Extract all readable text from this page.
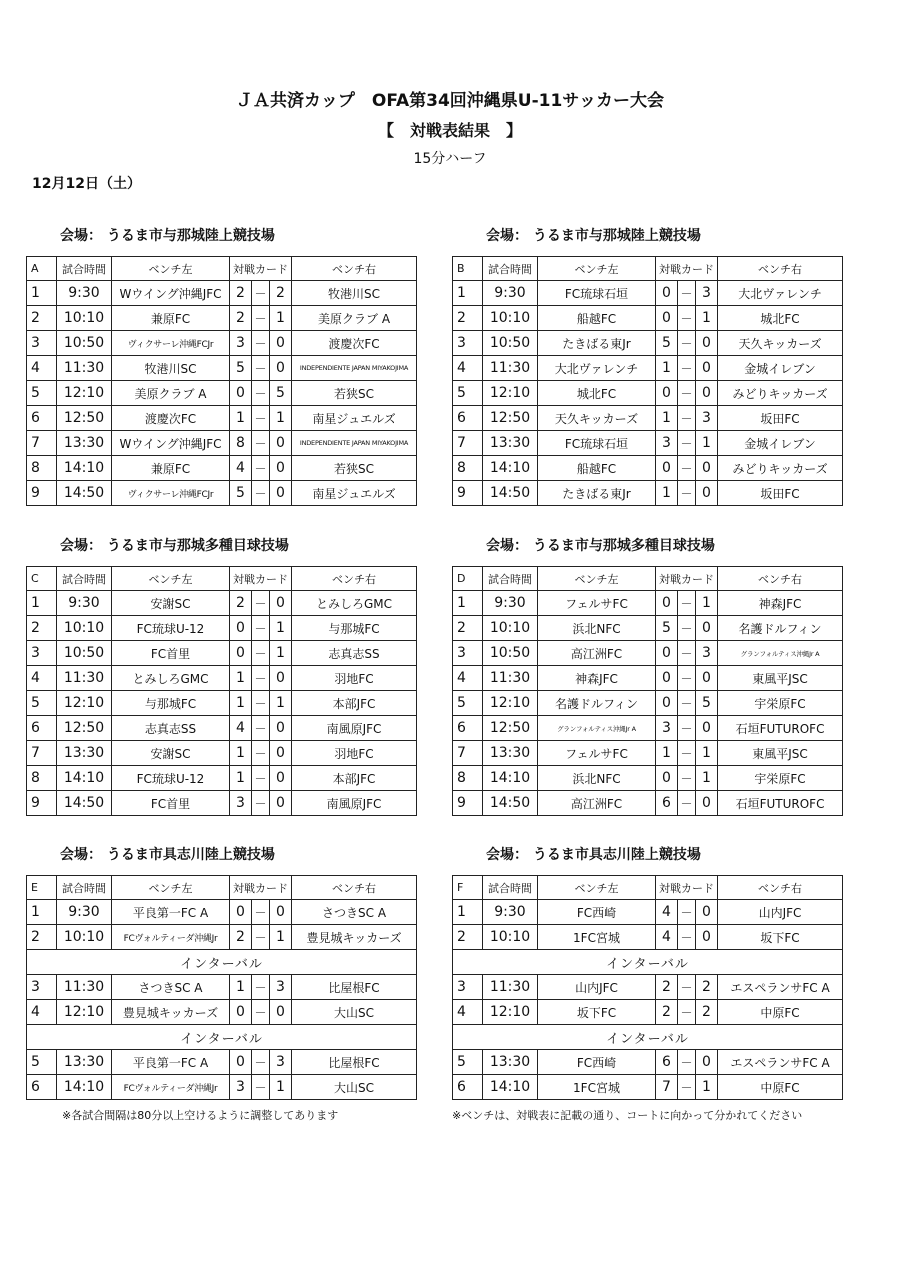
ＪＡ共済カップ　OFA第34回沖縄県U-11サッカー大会
【　対戦表結果　】
15分ハーフ
12月12日（土）
会場： うるま市与那城陸上競技場
A	試合時間	ベンチ左	対戦カード			ベンチ右
1	9:30	Wウイング沖縄JFC	2	－	2	牧港川SC
2	10:10	兼原FC	2	－	1	美原クラブ A
3	10:50	ヴィクサーレ沖縄FCJr	3	－	0	渡慶次FC
4	11:30	牧港川SC	5	－	0	INDEPENDIENTE JAPAN MIYAKOJIMA
5	12:10	美原クラブ A	0	－	5	若狭SC
6	12:50	渡慶次FC	1	－	1	南星ジュエルズ
7	13:30	Wウイング沖縄JFC	8	－	0	INDEPENDIENTE JAPAN MIYAKOJIMA
8	14:10	兼原FC	4	－	0	若狭SC
9	14:50	ヴィクサーレ沖縄FCJr	5	－	0	南星ジュエルズ
会場： うるま市与那城陸上競技場
B	試合時間	ベンチ左	対戦カード			ベンチ右
1	9:30	FC琉球石垣	0	－	3	大北ヴァレンチ
2	10:10	船越FC	0	－	1	城北FC
3	10:50	たきばる東Jr	5	－	0	天久キッカーズ
4	11:30	大北ヴァレンチ	1	－	0	金城イレブン
5	12:10	城北FC	0	－	0	みどりキッカーズ
6	12:50	天久キッカーズ	1	－	3	坂田FC
7	13:30	FC琉球石垣	3	－	1	金城イレブン
8	14:10	船越FC	0	－	0	みどりキッカーズ
9	14:50	たきばる東Jr	1	－	0	坂田FC
会場： うるま市与那城多種目球技場
C	試合時間	ベンチ左	対戦カード			ベンチ右
1	9:30	安謝SC	2	－	0	とみしろGMC
2	10:10	FC琉球U-12	0	－	1	与那城FC
3	10:50	FC首里	0	－	1	志真志SS
4	11:30	とみしろGMC	1	－	0	羽地FC
5	12:10	与那城FC	1	－	1	本部JFC
6	12:50	志真志SS	4	－	0	南風原JFC
7	13:30	安謝SC	1	－	0	羽地FC
8	14:10	FC琉球U-12	1	－	0	本部JFC
9	14:50	FC首里	3	－	0	南風原JFC
会場： うるま市与那城多種目球技場
D	試合時間	ベンチ左	対戦カード			ベンチ右
1	9:30	フェルサFC	0	－	1	神森JFC
2	10:10	浜北NFC	5	－	0	名護ドルフィン
3	10:50	高江洲FC	0	－	3	グランフォルティス沖縄Jr A
4	11:30	神森JFC	0	－	0	東風平JSC
5	12:10	名護ドルフィン	0	－	5	宇栄原FC
6	12:50	グランフォルティス沖縄Jr A	3	－	0	石垣FUTUROFC
7	13:30	フェルサFC	1	－	1	東風平JSC
8	14:10	浜北NFC	0	－	1	宇栄原FC
9	14:50	高江洲FC	6	－	0	石垣FUTUROFC
会場： うるま市具志川陸上競技場
E	試合時間	ベンチ左	対戦カード			ベンチ右
1	9:30	平良第一FC A	0	－	0	さつきSC A
2	10:10	FCヴォルティーダ沖縄Jr	2	－	1	豊見城キッカーズ
インターバル						
3	11:30	さつきSC A	1	－	3	比屋根FC
4	12:10	豊見城キッカーズ	0	－	0	大山SC
インターバル						
5	13:30	平良第一FC A	0	－	3	比屋根FC
6	14:10	FCヴォルティーダ沖縄Jr	3	－	1	大山SC
会場： うるま市具志川陸上競技場
F	試合時間	ベンチ左	対戦カード			ベンチ右
1	9:30	FC西崎	4	－	0	山内JFC
2	10:10	1FC宮城	4	－	0	坂下FC
インターバル						
3	11:30	山内JFC	2	－	2	エスペランサFC A
4	12:10	坂下FC	2	－	2	中原FC
インターバル						
5	13:30	FC西崎	6	－	0	エスペランサFC A
6	14:10	1FC宮城	7	－	1	中原FC
※各試合間隔は80分以上空けるように調整してあります	※ベンチは、対戦表に記載の通り、コートに向かって分かれてください
